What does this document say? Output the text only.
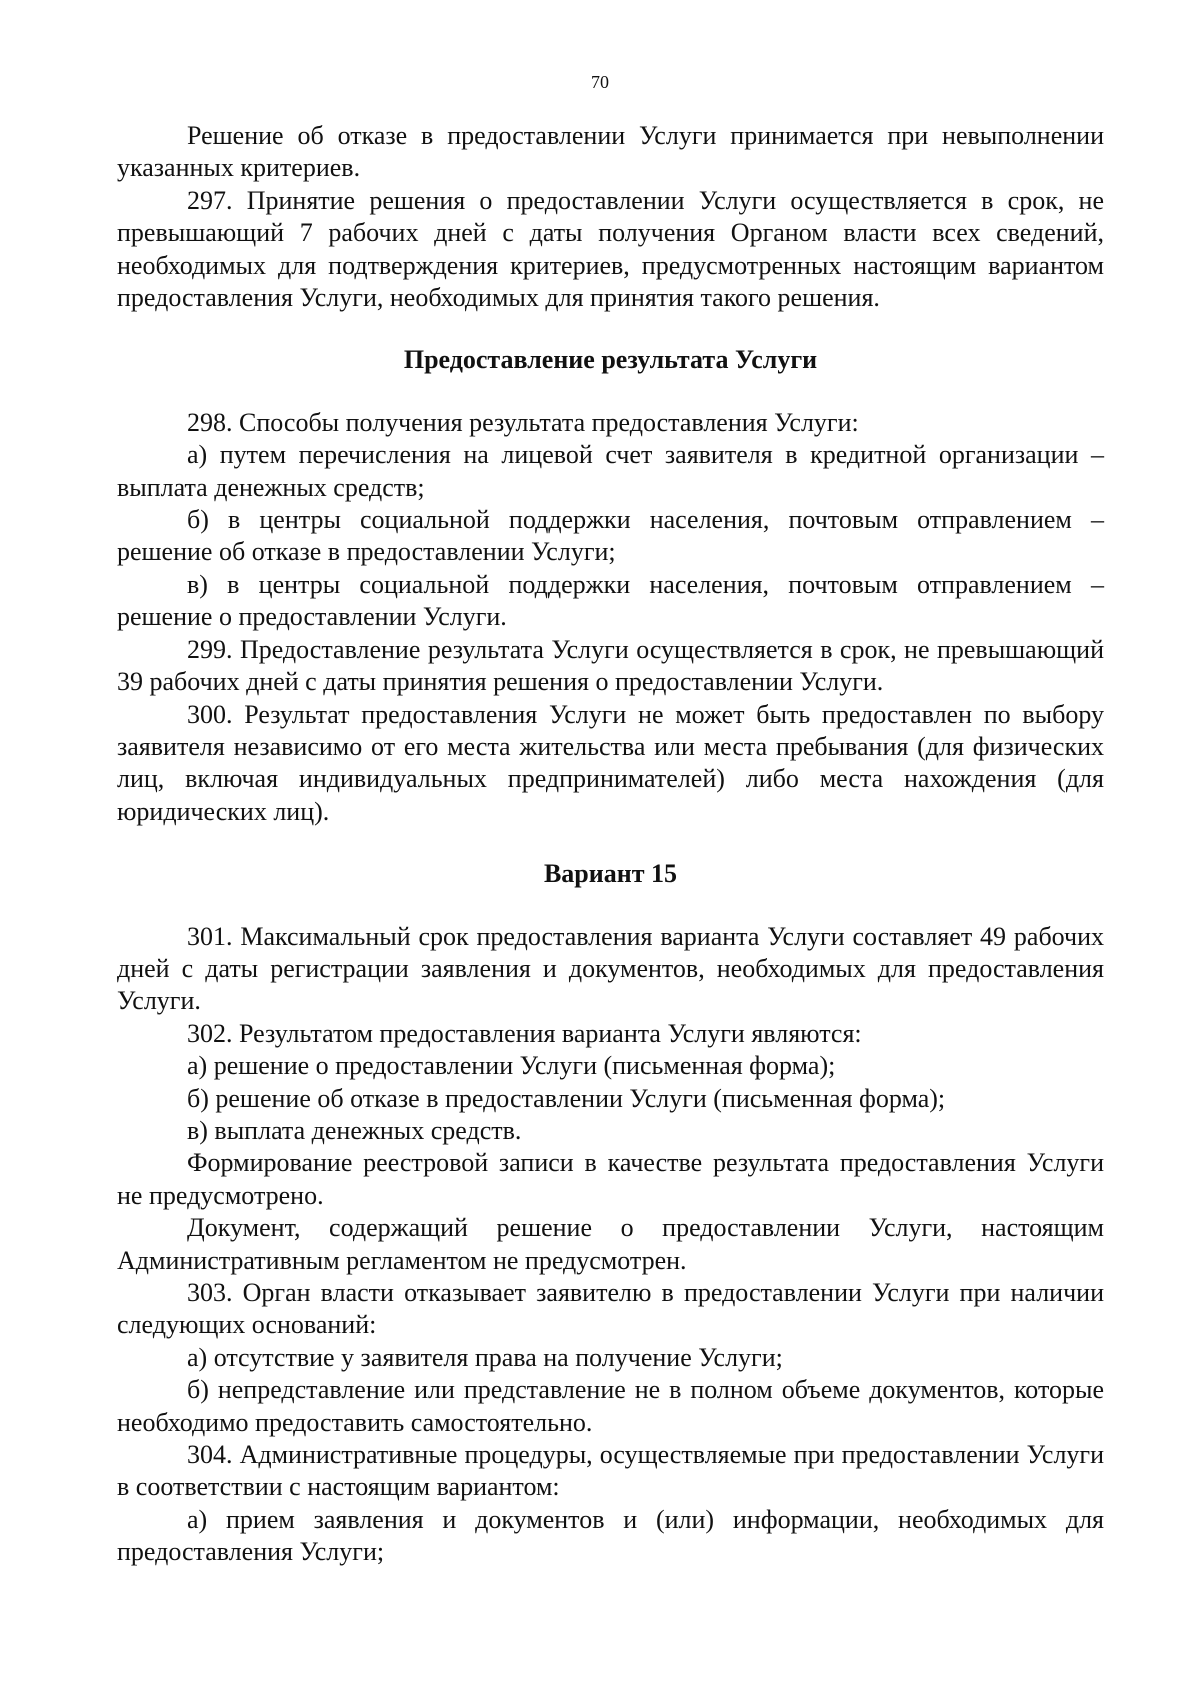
70

Решение об отказе в предоставлении Услуги принимается при невыполнении указанных критериев.

297. Принятие решения о предоставлении Услуги осуществляется в срок, не превышающий 7 рабочих дней с даты получения Органом власти всех сведений, необходимых для подтверждения критериев, предусмотренных настоящим вариантом предоставления Услуги, необходимых для принятия такого решения.

Предоставление результата Услуги

298. Способы получения результата предоставления Услуги:

а) путем перечисления на лицевой счет заявителя в кредитной организации – выплата денежных средств;

б) в центры социальной поддержки населения, почтовым отправлением – решение об отказе в предоставлении Услуги;

в) в центры социальной поддержки населения, почтовым отправлением – решение о предоставлении Услуги.

299. Предоставление результата Услуги осуществляется в срок, не превышающий 39 рабочих дней с даты принятия решения о предоставлении Услуги.

300. Результат предоставления Услуги не может быть предоставлен по выбору заявителя независимо от его места жительства или места пребывания (для физических лиц, включая индивидуальных предпринимателей) либо места нахождения (для юридических лиц).

Вариант 15

301. Максимальный срок предоставления варианта Услуги составляет 49 рабочих дней с даты регистрации заявления и документов, необходимых для предоставления Услуги.

302. Результатом предоставления варианта Услуги являются:

а) решение о предоставлении Услуги (письменная форма);

б) решение об отказе в предоставлении Услуги (письменная форма);

в) выплата денежных средств.

Формирование реестровой записи в качестве результата предоставления Услуги не предусмотрено.

Документ, содержащий решение о предоставлении Услуги, настоящим Административным регламентом не предусмотрен.

303. Орган власти отказывает заявителю в предоставлении Услуги при наличии следующих оснований:

а) отсутствие у заявителя права на получение Услуги;

б) непредставление или представление не в полном объеме документов, которые необходимо предоставить самостоятельно.

304. Административные процедуры, осуществляемые при предоставлении Услуги в соответствии с настоящим вариантом:

а) прием заявления и документов и (или) информации, необходимых для предоставления Услуги;
